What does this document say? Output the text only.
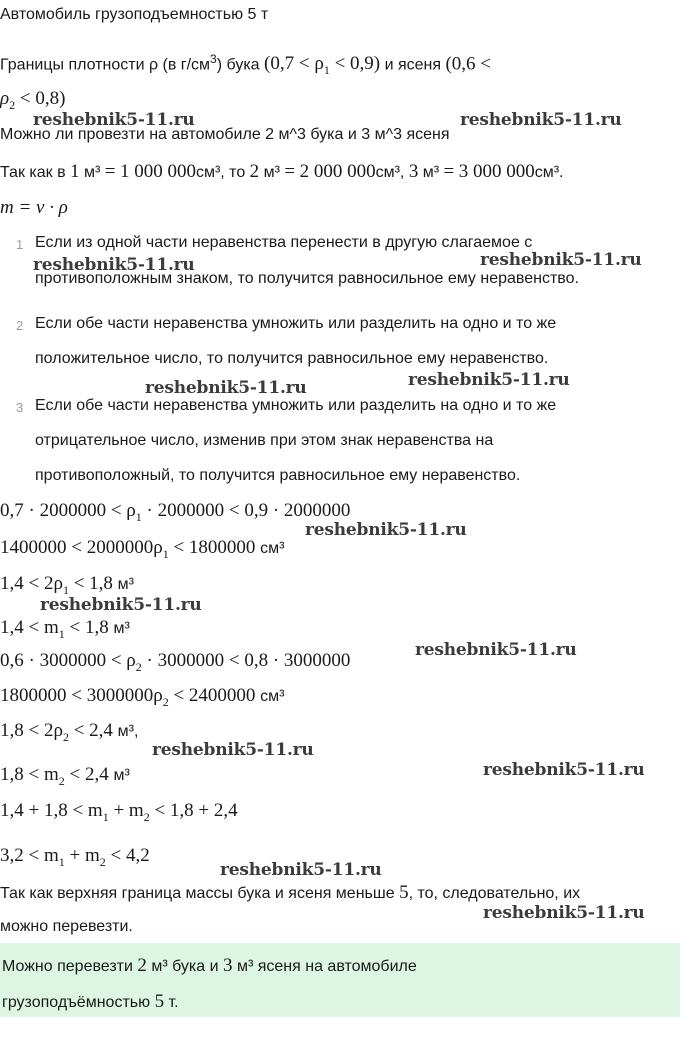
Автомобиль грузоподъемностью 5 т
Границы плотности ρ (в $г/см^3$) бука $(0,7 < \rho_1 < 0,9)$ и ясеня (0,6 <
$\rho_2 < 0,8$)
Можно ли провезти на автомобиле 2 м^3 бука и 3 м^3 ясеня
Так как в 1 м³ = 1 000 000см³, то 2 м³ = 2 000 000см³, 3 м³ = 3 000 000см³.
m = v · ρ
1 Если из одной части неравенства перенести в другую слагаемое с
противоположным знаком, то получится равносильное ему неравенство.
2 Если обе части неравенства умножить или разделить на одно и то же
положительное число, то получится равносильное ему неравенство.
3 Если обе части неравенства умножить или разделить на одно и то же
отрицательное число, изменив при этом знак неравенства на
противоположный, то получится равносильное ему неравенство.
$0,7 \cdot 2000000 < \rho_1 \cdot 2000000 < 0,9 \cdot 2000000$
$1400000 < 2000000\rho_1 < 1800000$ см³
$1,4 < 2\rho_1 < 1,8$ м³
$1,4 < m_1 < 1,8$ м³
$0,6 \cdot 3000000 < \rho_2 \cdot 3000000 < 0,8 \cdot 3000000$
$1800000 < 3000000\rho_2 < 2400000$ см³
$1,8 < 2\rho_2 < 2,4$ м³,
$1,8 < m_2 < 2,4$ м³
$1,4 + 1,8 < m_1 + m_2 < 1,8 + 2,4$
$3,2 < m_1 + m_2 < 4,2$
Так как верхняя граница массы бука и ясеня меньше 5, то, следовательно, их
можно перевезти.
Можно перевезти 2 м³ бука и 3 м³ ясеня на автомобиле
грузоподъёмностью 5 т.
reshebnik5-11.ru	reshebnik5-11.ru
reshebnik5-11.ru	reshebnik5-11.ru
reshebnik5-11.ru	reshebnik5-11.ru
reshebnik5-11.ru
reshebnik5-11.ru
reshebnik5-11.ru
reshebnik5-11.ru
reshebnik5-11.ru
reshebnik5-11.ru
reshebnik5-11.ru
